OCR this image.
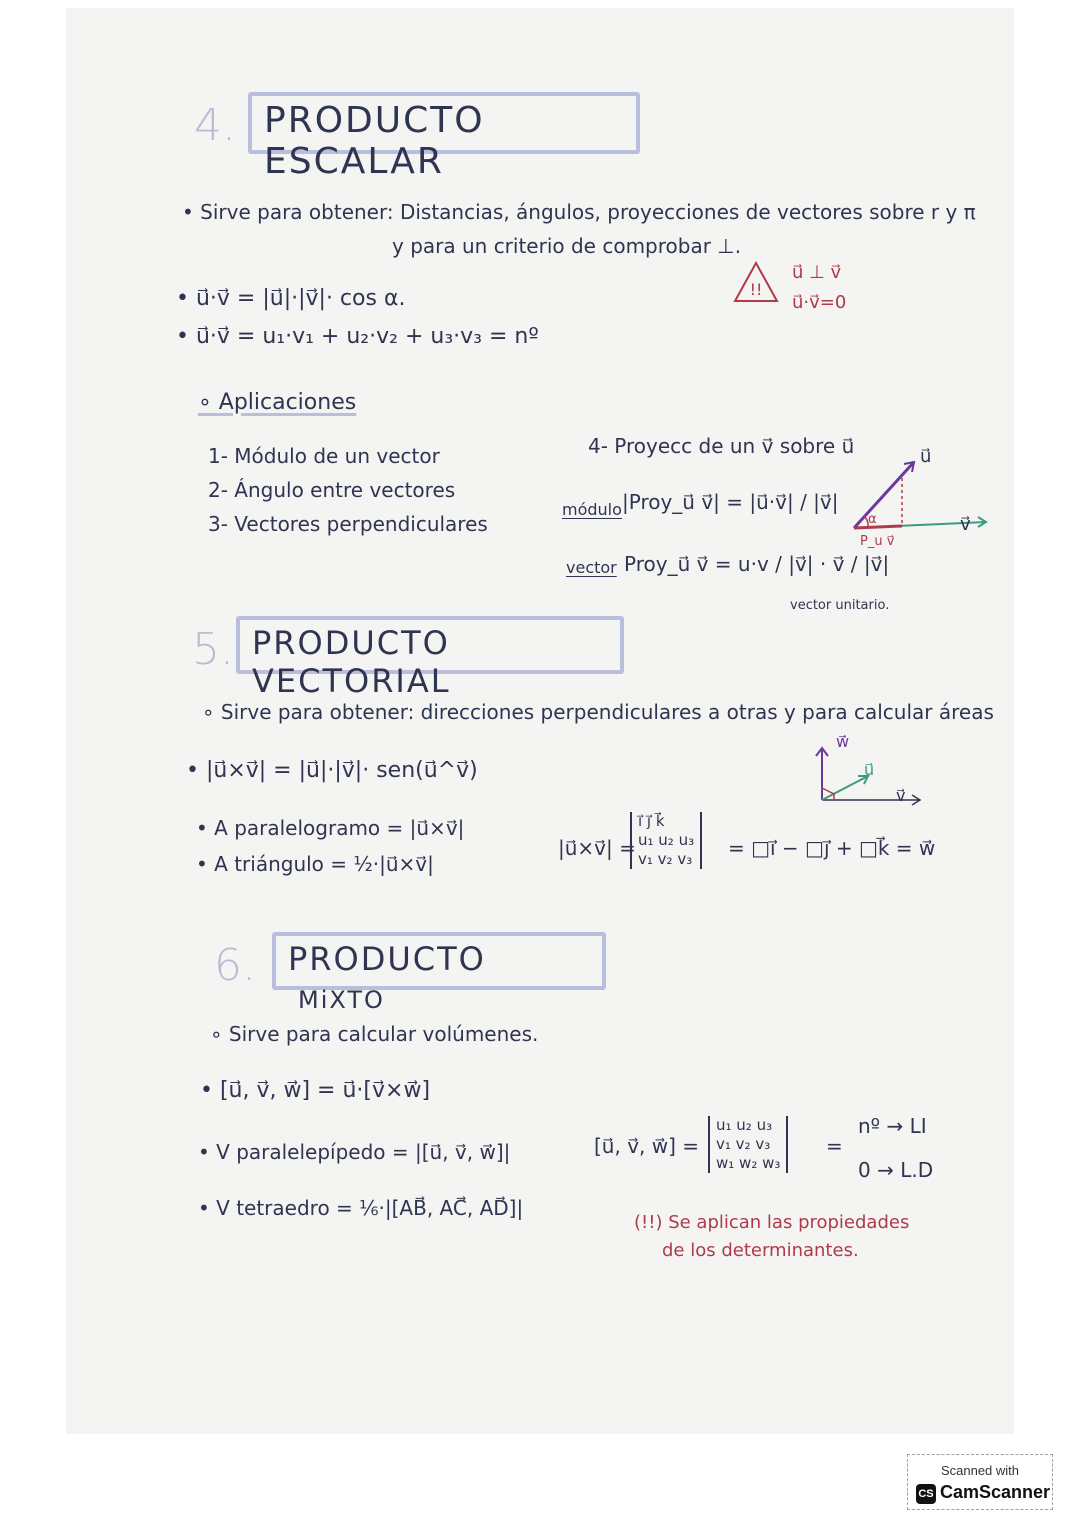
4. PRODUCTO ESCALAR
• Sirve para obtener: Distancias, ángulos, proyecciones de vectores sobre r y π
y para un criterio de comprobar ⊥.
!!
u⃗ ⊥ v⃗
u⃗·v⃗=0
• u⃗·v⃗ = |u⃗|·|v⃗|· cos α.
• u⃗·v⃗ = u₁·v₁ + u₂·v₂ + u₃·v₃ = nº
∘ Aplicaciones
1- Módulo de un vector
2- Ángulo entre vectores
3- Vectores perpendiculares
4- Proyecc de un v⃗ sobre u⃗
módulo |Proy_u⃗ v⃗| = |u⃗·v⃗| / |v⃗|
vector Proy_u⃗ v⃗ = u·v / |v⃗| · v⃗ / |v⃗|
vector unitario.
u⃗
v⃗
α
P_u v⃗
5. PRODUCTO VECTORIAL
∘ Sirve para obtener: direcciones perpendiculares a otras y para calcular áreas
• |u⃗×v⃗| = |u⃗|·|v⃗|· sen(u⃗^v⃗)
• A paralelogramo = |u⃗×v⃗|
• A triángulo = ½·|u⃗×v⃗|
|u⃗×v⃗| =
i⃗ j⃗ k⃗
u₁ u₂ u₃
v₁ v₂ v₃ = □i⃗ − □j⃗ + □k⃗ = w⃗
w⃗
u⃗
v⃗
6.	PRODUCTO MiXTO
∘ Sirve para calcular volúmenes.
• [u⃗, v⃗, w⃗] = u⃗·[v⃗×w⃗]
• V paralelepípedo = |[u⃗, v⃗, w⃗]|
• V tetraedro = ⅙·|[AB⃗, AC⃗, AD⃗]|
[u⃗, v⃗, w⃗] =
u₁ u₂ u₃
v₁ v₂ v₃
w₁ w₂ w₃
=
nº → LI
0 → L.D
(!!) Se aplican las propiedades
de los determinantes.
Scanned with
CS CamScanner
